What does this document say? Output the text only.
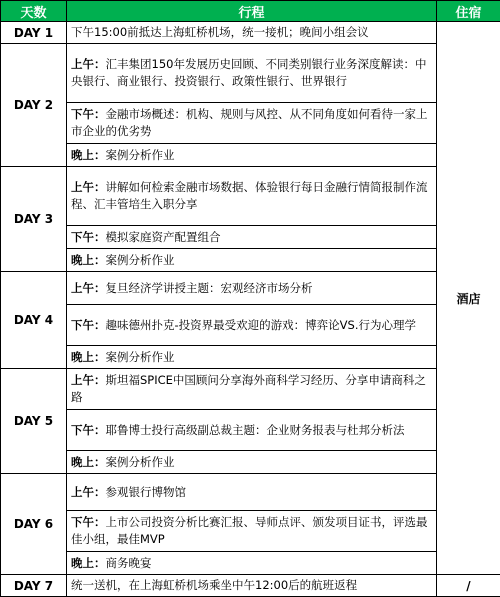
天数	行程	住宿
DAY 1	下午15:00前抵达上海虹桥机场，统一接机；晚间小组会议	酒店
DAY 2	上午：汇丰集团150年发展历史回顾、不同类别银行业务深度解读：中央银行、商业银行、投资银行、政策性银行、世界银行	
	下午：金融市场概述：机构、规则与风控、从不同角度如何看待一家上市企业的优劣势	
	晚上：案例分析作业	
DAY 3	上午：讲解如何检索金融市场数据、体验银行每日金融行情简报制作流程、汇丰管培生入职分享	
	下午：模拟家庭资产配置组合	
	晚上：案例分析作业	
DAY 4	上午：复旦经济学讲授主题：宏观经济市场分析	
	下午：趣味德州扑克-投资界最受欢迎的游戏：博弈论VS.行为心理学	
	晚上：案例分析作业	
DAY 5	上午：斯坦福SPICE中国顾问分享海外商科学习经历、分享申请商科之路	
	下午：耶鲁博士投行高级副总裁主题：企业财务报表与杜邦分析法	
	晚上：案例分析作业	
DAY 6	上午：参观银行博物馆	
	下午：上市公司投资分析比赛汇报、导师点评、颁发项目证书，评选最佳小组，最佳MVP	
	晚上：商务晚宴	
DAY 7	统一送机，在上海虹桥机场乘坐中午12:00后的航班返程	/
